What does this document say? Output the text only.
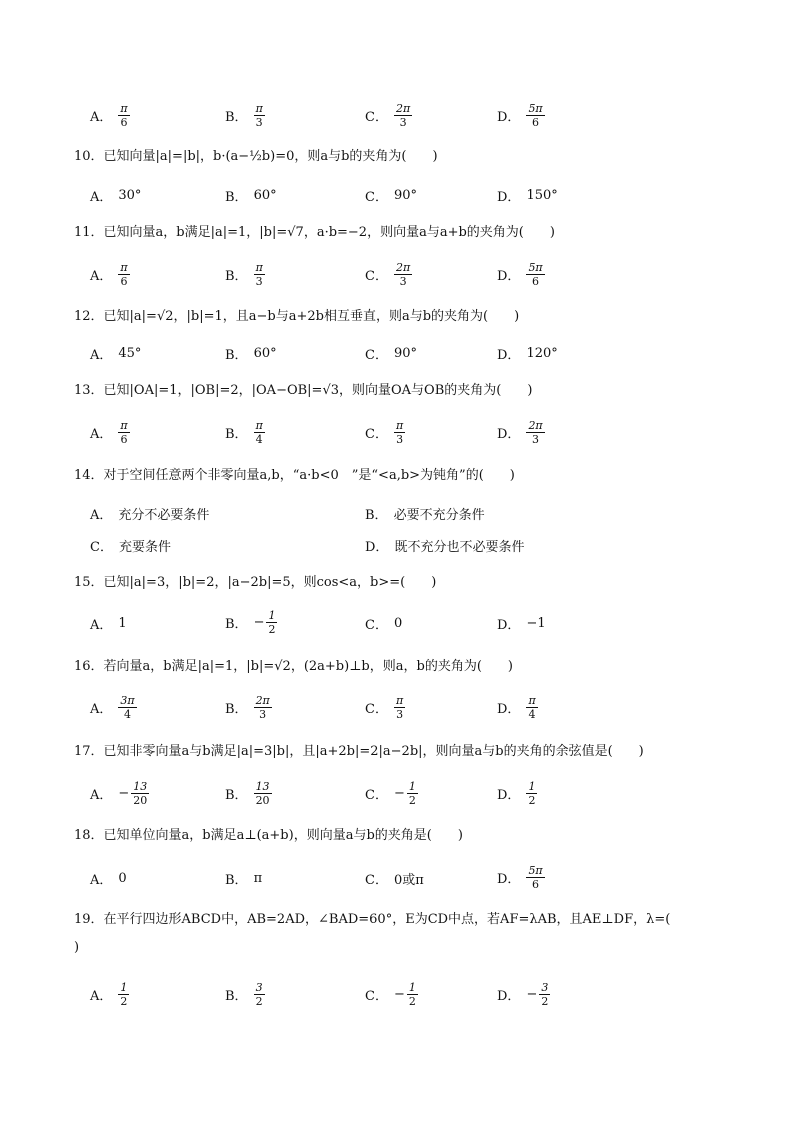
A． $\frac{\pi}{6}$	B． $\frac{\pi}{3}$	C． $\frac{2\pi}{3}$	D． $\frac{5\pi}{6}$
10．已知向量|a|=|b|，b·(a−½b)=0，则a与b的夹角为(　　)
A． 30°	B． 60°	C． 90°	D． 150°
11．已知向量a，b满足|a|=1，|b|=√7，a·b=−2，则向量a与a+b的夹角为(　　)
A． $\frac{\pi}{6}$	B． $\frac{\pi}{3}$	C． $\frac{2\pi}{3}$	D． $\frac{5\pi}{6}$
12．已知|a|=√2，|b|=1，且a−b与a+2b相互垂直，则a与b的夹角为(　　)
A． 45°	B． 60°	C． 90°	D． 120°
13．已知|OA|=1，|OB|=2，|OA−OB|=√3，则向量OA与OB的夹角为(　　)
A． $\frac{\pi}{6}$	B． $\frac{\pi}{4}$	C． $\frac{\pi}{3}$	D． $\frac{2\pi}{3}$
14．对于空间任意两个非零向量a,b，“a·b<0　”是“<a,b>为钝角”的(　　)
A． 充分不必要条件	B． 必要不充分条件
C． 充要条件	D． 既不充分也不必要条件
15．已知|a|=3，|b|=2，|a−2b|=5，则cos<a，b>=(　　)
A． 1	B． − $\frac{1}{2}$	C． 0	D． −1
16．若向量a，b满足|a|=1，|b|=√2，(2a+b)⊥b，则a，b的夹角为(　　)
A． $\frac{3\pi}{4}$	B． $\frac{2\pi}{3}$	C． $\frac{\pi}{3}$	D． $\frac{\pi}{4}$
17．已知非零向量a与b满足|a|=3|b|，且|a+2b|=2|a−2b|，则向量a与b的夹角的余弦值是(　　)
A． − $\frac{13}{20}$	B． $\frac{13}{20}$	C． − $\frac{1}{2}$	D． $\frac{1}{2}$
18．已知单位向量a，b满足a⊥(a+b)，则向量a与b的夹角是(　　)
A． 0	B． π	C． 0或π	D． $\frac{5\pi}{6}$
19．在平行四边形ABCD中，AB=2AD，∠BAD=60°，E为CD中点，若AF=λAB，且AE⊥DF，λ=(
)
A． $\frac{1}{2}$	B． $\frac{3}{2}$	C． − $\frac{1}{2}$	D． − $\frac{3}{2}$
